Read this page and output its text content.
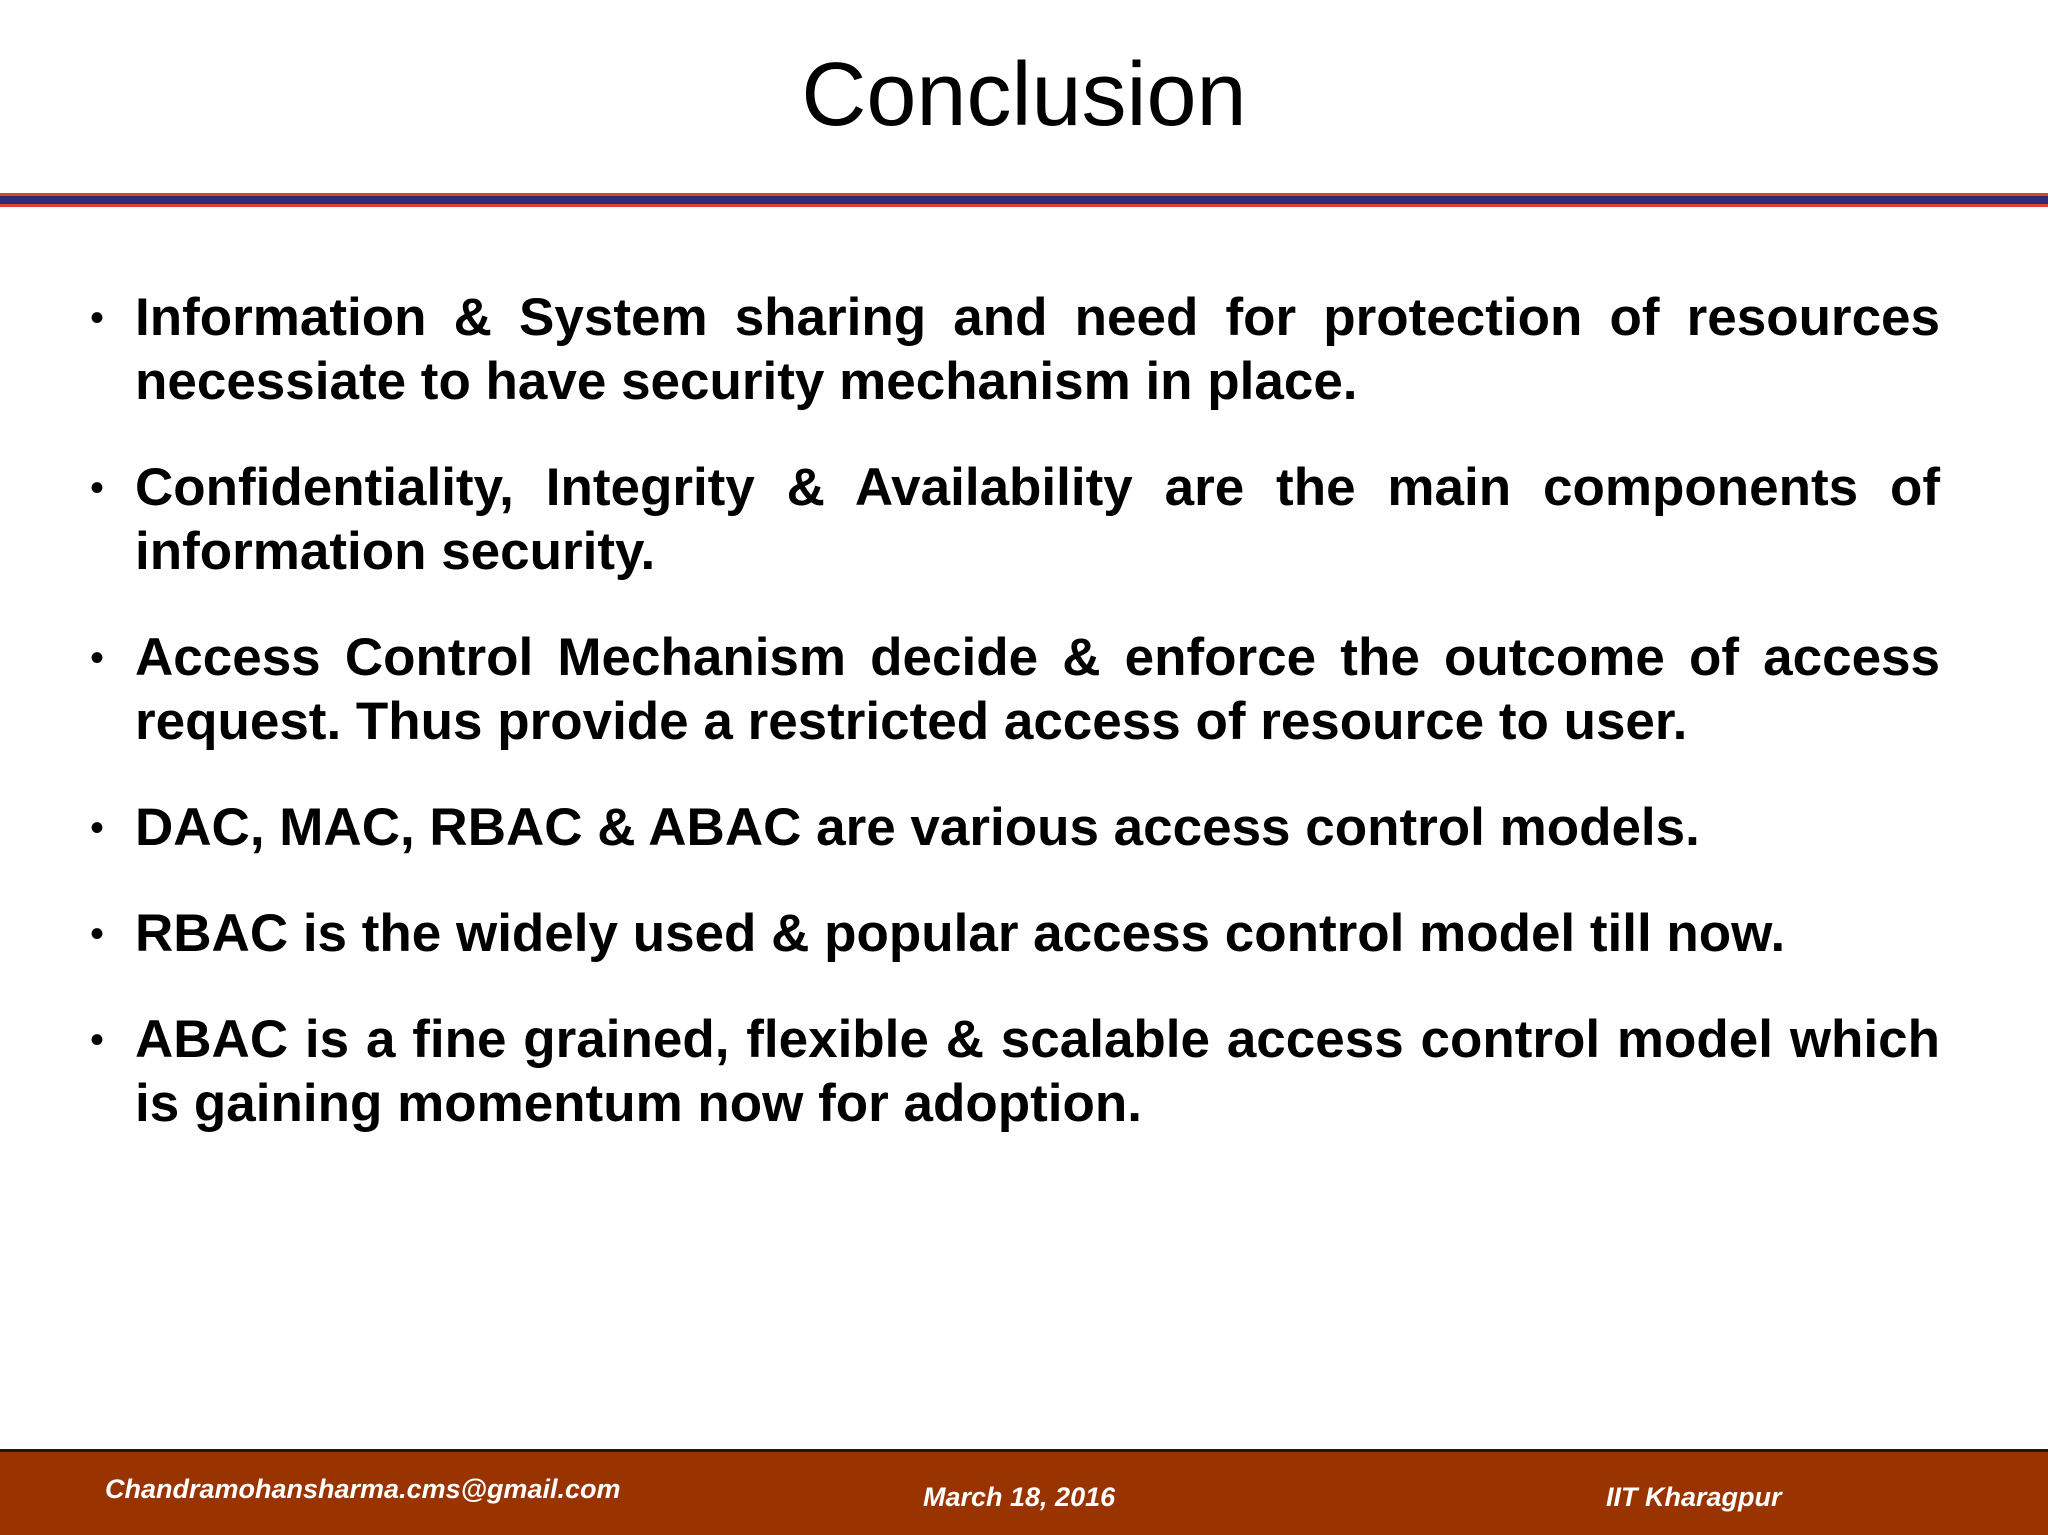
Conclusion
• Information & System sharing and need for protection of resources necessiate to have security mechanism in place.
• Confidentiality, Integrity & Availability are the main components of information security.
• Access Control Mechanism decide & enforce the outcome of access request. Thus provide a restricted access of resource to user.
• DAC, MAC, RBAC & ABAC are various access control models.
• RBAC is the widely used & popular access control model till now.
• ABAC is a fine grained, flexible & scalable access control model which is gaining momentum now for adoption.
Chandramohansharma.cms@gmail.com	March 18, 2016	IIT Kharagpur
